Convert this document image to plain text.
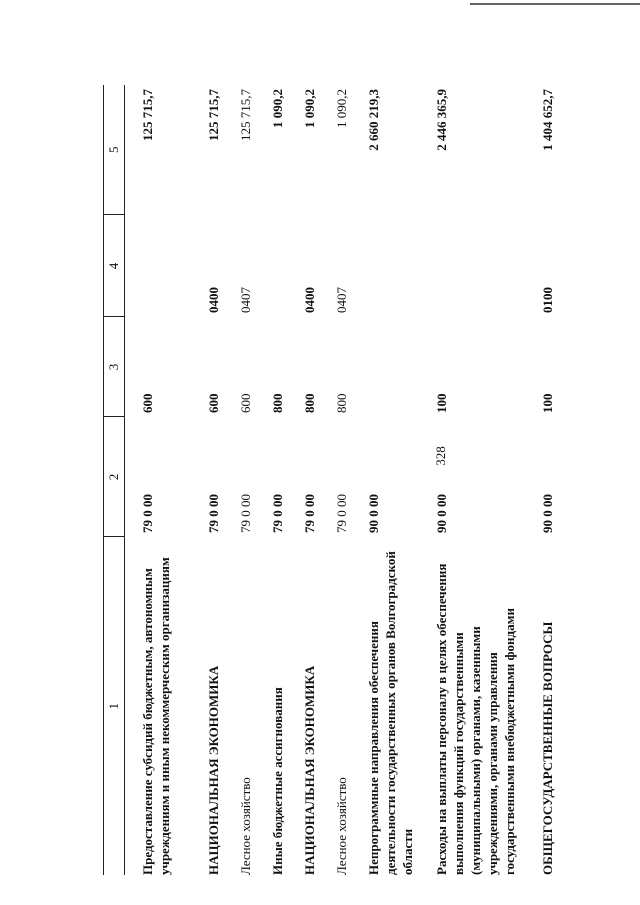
328
1	2	3	4	5
Предоставление субсидий бюджетным, автономным учреждениям и иным некоммерческим организациям	79 0 00	600		125 715,7
НАЦИОНАЛЬНАЯ ЭКОНОМИКА	79 0 00	600	0400	125 715,7
Лесное хозяйство	79 0 00	600	0407	125 715,7
Иные бюджетные ассигнования	79 0 00	800		1 090,2
НАЦИОНАЛЬНАЯ ЭКОНОМИКА	79 0 00	800	0400	1 090,2
Лесное хозяйство	79 0 00	800	0407	1 090,2
Непрограммные направления обеспечения деятельности государственных органов Волгоградской области	90 0 00			2 660 219,3
Расходы на выплаты персоналу в целях обеспечения выполнения функций государственными (муниципальными) органами, казенными учреждениями, органами управления государственными внебюджетными фондами	90 0 00	100		2 446 365,9
ОБЩЕГОСУДАРСТВЕННЫЕ ВОПРОСЫ	90 0 00	100	0100	1 404 652,7
